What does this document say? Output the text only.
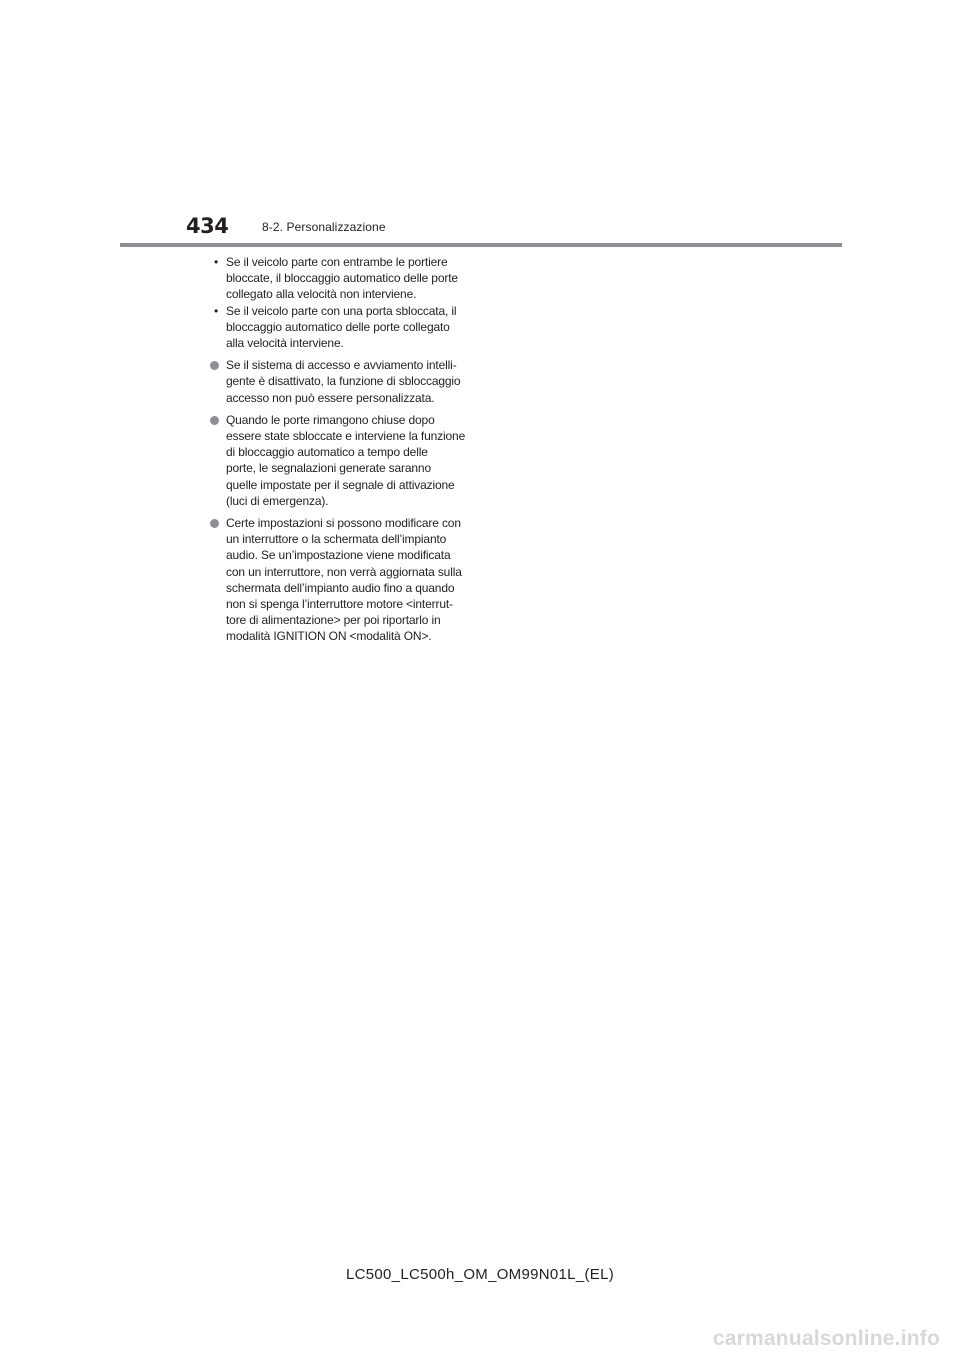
434	8-2. Personalizzazione
• Se il veicolo parte con entrambe le portiere
bloccate, il bloccaggio automatico delle porte
collegato alla velocità non interviene.
• Se il veicolo parte con una porta sbloccata, il
bloccaggio automatico delle porte collegato
alla velocità interviene.
Se il sistema di accesso e avviamento intelli-
gente è disattivato, la funzione di sbloccaggio
accesso non può essere personalizzata.
Quando le porte rimangono chiuse dopo
essere state sbloccate e interviene la funzione
di bloccaggio automatico a tempo delle
porte, le segnalazioni generate saranno
quelle impostate per il segnale di attivazione
(luci di emergenza).
Certe impostazioni si possono modificare con
un interruttore o la schermata dell’impianto
audio. Se un’impostazione viene modificata
con un interruttore, non verrà aggiornata sulla
schermata dell’impianto audio fino a quando
non si spenga l’interruttore motore <interrut-
tore di alimentazione> per poi riportarlo in
modalità IGNITION ON <modalità ON>.
LC500_LC500h_OM_OM99N01L_(EL)
carmanualsonline.info
